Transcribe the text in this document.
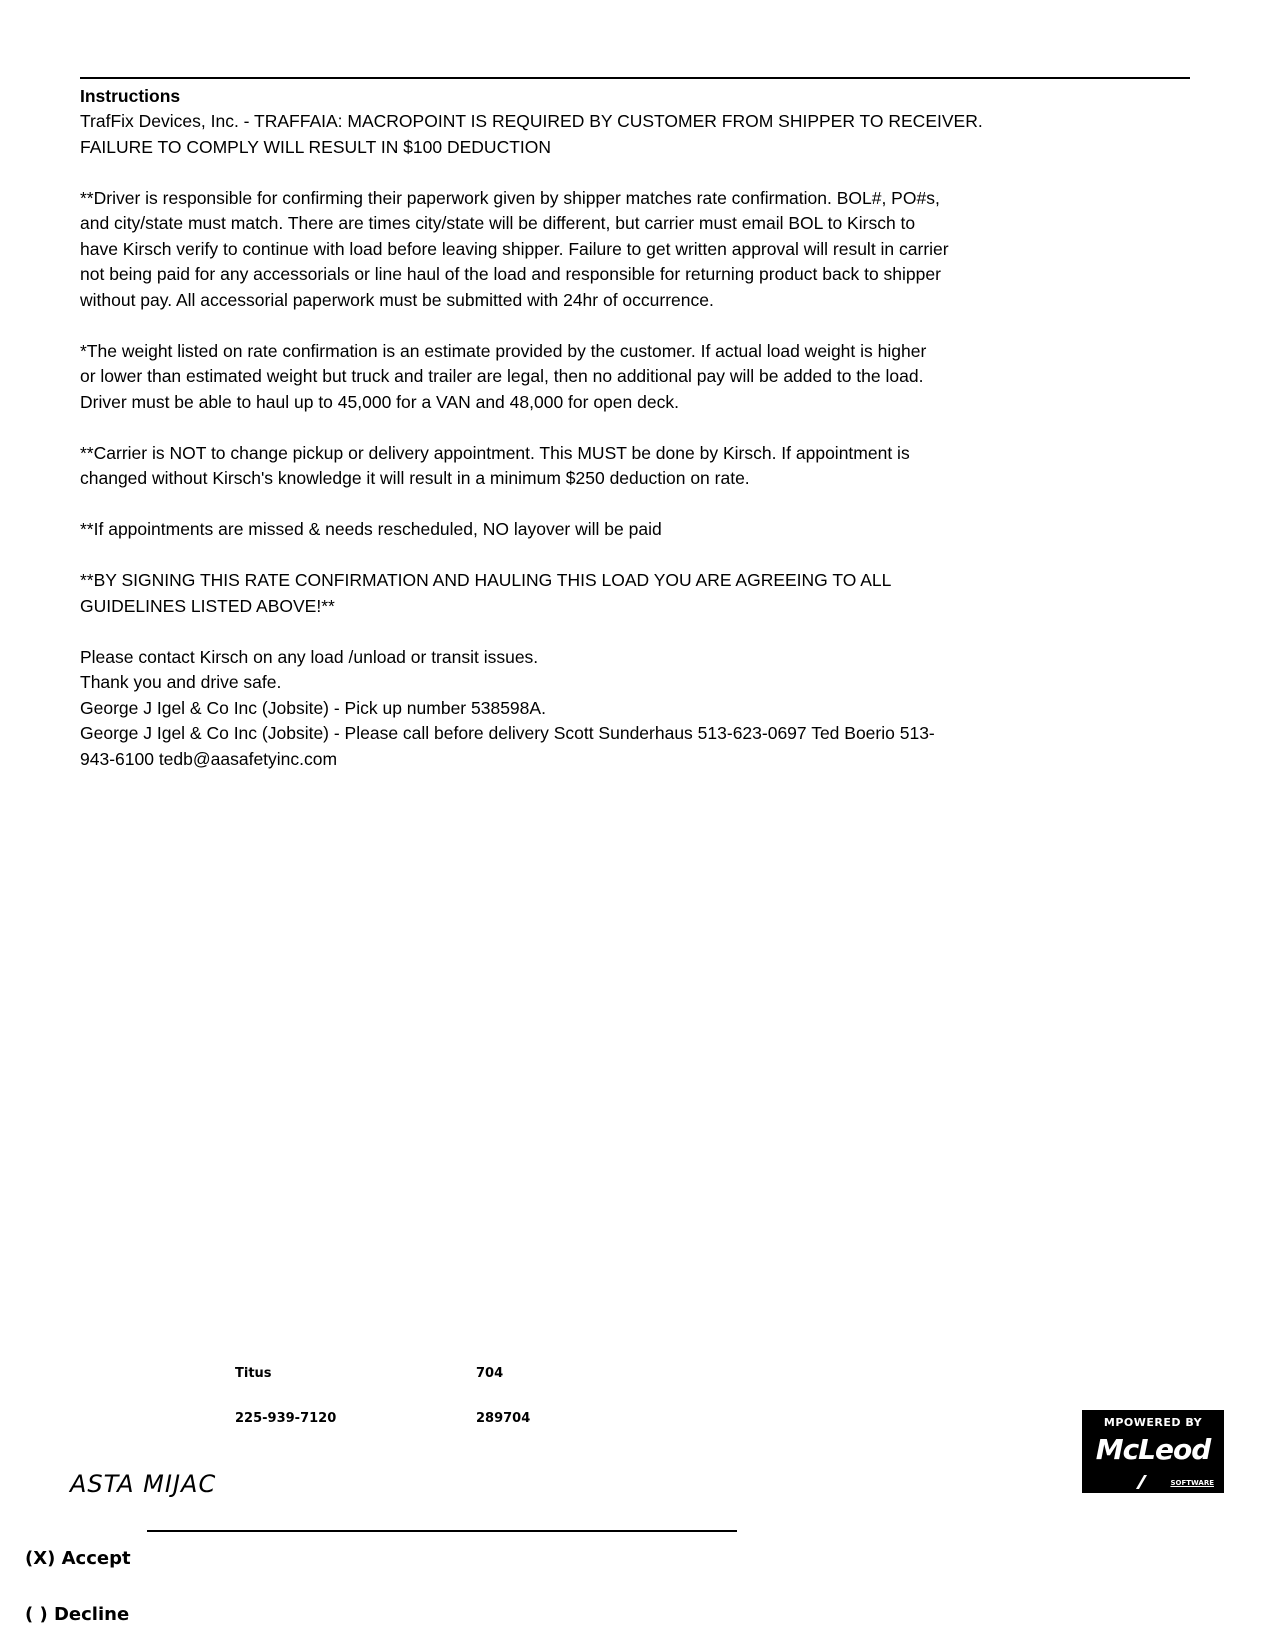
Instructions

TrafFix Devices, Inc. - TRAFFAIA: MACROPOINT IS REQUIRED BY CUSTOMER FROM SHIPPER TO RECEIVER.
FAILURE TO COMPLY WILL RESULT IN $100 DEDUCTION

**Driver is responsible for confirming their paperwork given by shipper matches rate confirmation. BOL#, PO#s,
and city/state must match. There are times city/state will be different, but carrier must email BOL to Kirsch to
have Kirsch verify to continue with load before leaving shipper. Failure to get written approval will result in carrier
not being paid for any accessorials or line haul of the load and responsible for returning product back to shipper
without pay. All accessorial paperwork must be submitted with 24hr of occurrence.

*The weight listed on rate confirmation is an estimate provided by the customer. If actual load weight is higher
or lower than estimated weight but truck and trailer are legal, then no additional pay will be added to the load.
Driver must be able to haul up to 45,000 for a VAN and 48,000 for open deck.

**Carrier is NOT to change pickup or delivery appointment. This MUST be done by Kirsch. If appointment is
changed without Kirsch's knowledge it will result in a minimum $250 deduction on rate.

**If appointments are missed & needs rescheduled, NO layover will be paid

**BY SIGNING THIS RATE CONFIRMATION AND HAULING THIS LOAD YOU ARE AGREEING TO ALL
GUIDELINES LISTED ABOVE!**

Please contact Kirsch on any load /unload or transit issues.
Thank you and drive safe.
George J Igel & Co Inc (Jobsite) - Pick up number 538598A.
George J Igel & Co Inc (Jobsite) - Please call before delivery Scott Sunderhaus 513-623-0697 Ted Boerio 513-
943-6100 tedb@aasafetyinc.com

Titus	704
225-939-7120	289704
ASTA MIJAC
(X) Accept
( ) Decline
MPOWERED BY
McLeod
SOFTWARE
